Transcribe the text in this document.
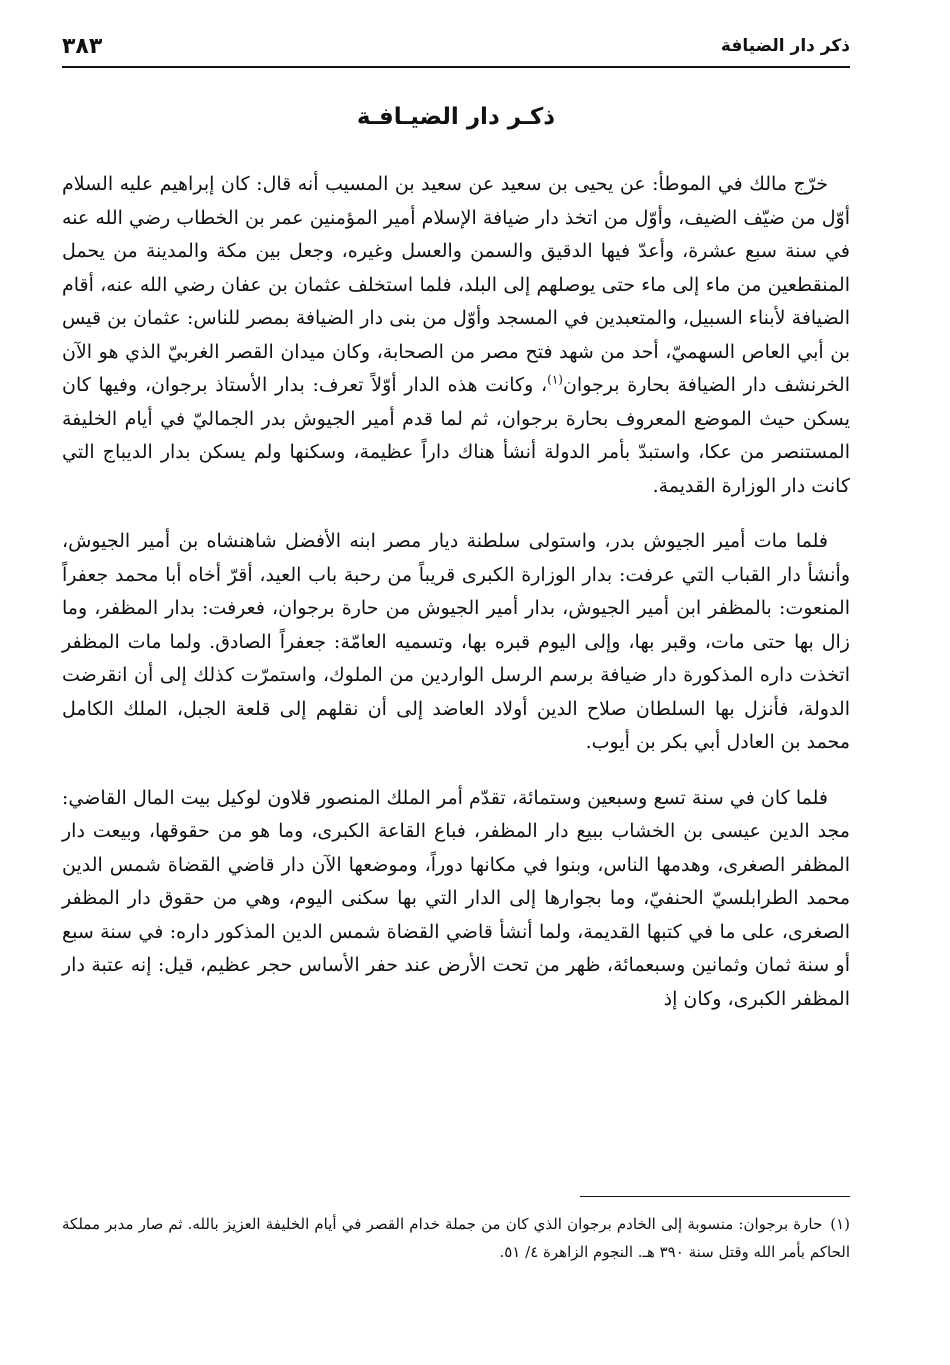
ذكر دار الضيافة
٣٨٣
ذكـر دار الضيـافـة

خرّج مالك في الموطأ: عن يحيى بن سعيد عن سعيد بن المسيب أنه قال: كان إبراهيم عليه السلام أوّل من ضيّف الضيف، وأوّل من اتخذ دار ضيافة الإسلام أمير المؤمنين عمر بن الخطاب رضي الله عنه في سنة سبع عشرة، وأعدّ فيها الدقيق والسمن والعسل وغيره، وجعل بين مكة والمدينة من يحمل المنقطعين من ماء إلى ماء حتى يوصلهم إلى البلد، فلما استخلف عثمان بن عفان رضي الله عنه، أقام الضيافة لأبناء السبيل، والمتعبدين في المسجد وأوّل من بنى دار الضيافة بمصر للناس: عثمان بن قيس بن أبي العاص السهميّ، أحد من شهد فتح مصر من الصحابة، وكان ميدان القصر الغربيّ الذي هو الآن الخرنشف دار الضيافة بحارة برجوان$^{(١)}$، وكانت هذه الدار أوّلاً تعرف: بدار الأستاذ برجوان، وفيها كان يسكن حيث الموضع المعروف بحارة برجوان، ثم لما قدم أمير الجيوش بدر الجماليّ في أيام الخليفة المستنصر من عكا، واستبدّ بأمر الدولة أنشأ هناك داراً عظيمة، وسكنها ولم يسكن بدار الديباج التي كانت دار الوزارة القديمة.

فلما مات أمير الجيوش بدر، واستولى سلطنة ديار مصر ابنه الأفضل شاهنشاه بن أمير الجيوش، وأنشأ دار القباب التي عرفت: بدار الوزارة الكبرى قريباً من رحبة باب العيد، أقرّ أخاه أبا محمد جعفراً المنعوت: بالمظفر ابن أمير الجيوش، بدار أمير الجيوش من حارة برجوان، فعرفت: بدار المظفر، وما زال بها حتى مات، وقبر بها، وإلى اليوم قبره بها، وتسميه العامّة: جعفراً الصادق. ولما مات المظفر اتخذت داره المذكورة دار ضيافة برسم الرسل الواردين من الملوك، واستمرّت كذلك إلى أن انقرضت الدولة، فأنزل بها السلطان صلاح الدين أولاد العاضد إلى أن نقلهم إلى قلعة الجبل، الملك الكامل محمد بن العادل أبي بكر بن أيوب.

فلما كان في سنة تسع وسبعين وستمائة، تقدّم أمر الملك المنصور قلاون لوكيل بيت المال القاضي: مجد الدين عيسى بن الخشاب ببيع دار المظفر، فباع القاعة الكبرى، وما هو من حقوقها، وبيعت دار المظفر الصغرى، وهدمها الناس، وبنوا في مكانها دوراً، وموضعها الآن دار قاضي القضاة شمس الدين محمد الطرابلسيّ الحنفيّ، وما بجوارها إلى الدار التي بها سكنى اليوم، وهي من حقوق دار المظفر الصغرى، على ما في كتبها القديمة، ولما أنشأ قاضي القضاة شمس الدين المذكور داره: في سنة سبع أو سنة ثمان وثمانين وسبعمائة، ظهر من تحت الأرض عند حفر الأساس حجر عظيم، قيل: إنه عتبة دار المظفر الكبرى، وكان إذ

(١)حارة برجوان: منسوبة إلى الخادم برجوان الذي كان من جملة خدام القصر في أيام الخليفة العزيز بالله. ثم صار مدبر مملكة الحاكم بأمر الله وقتل سنة ٣٩٠ هـ. النجوم الزاهرة ٤/ ٥١.
